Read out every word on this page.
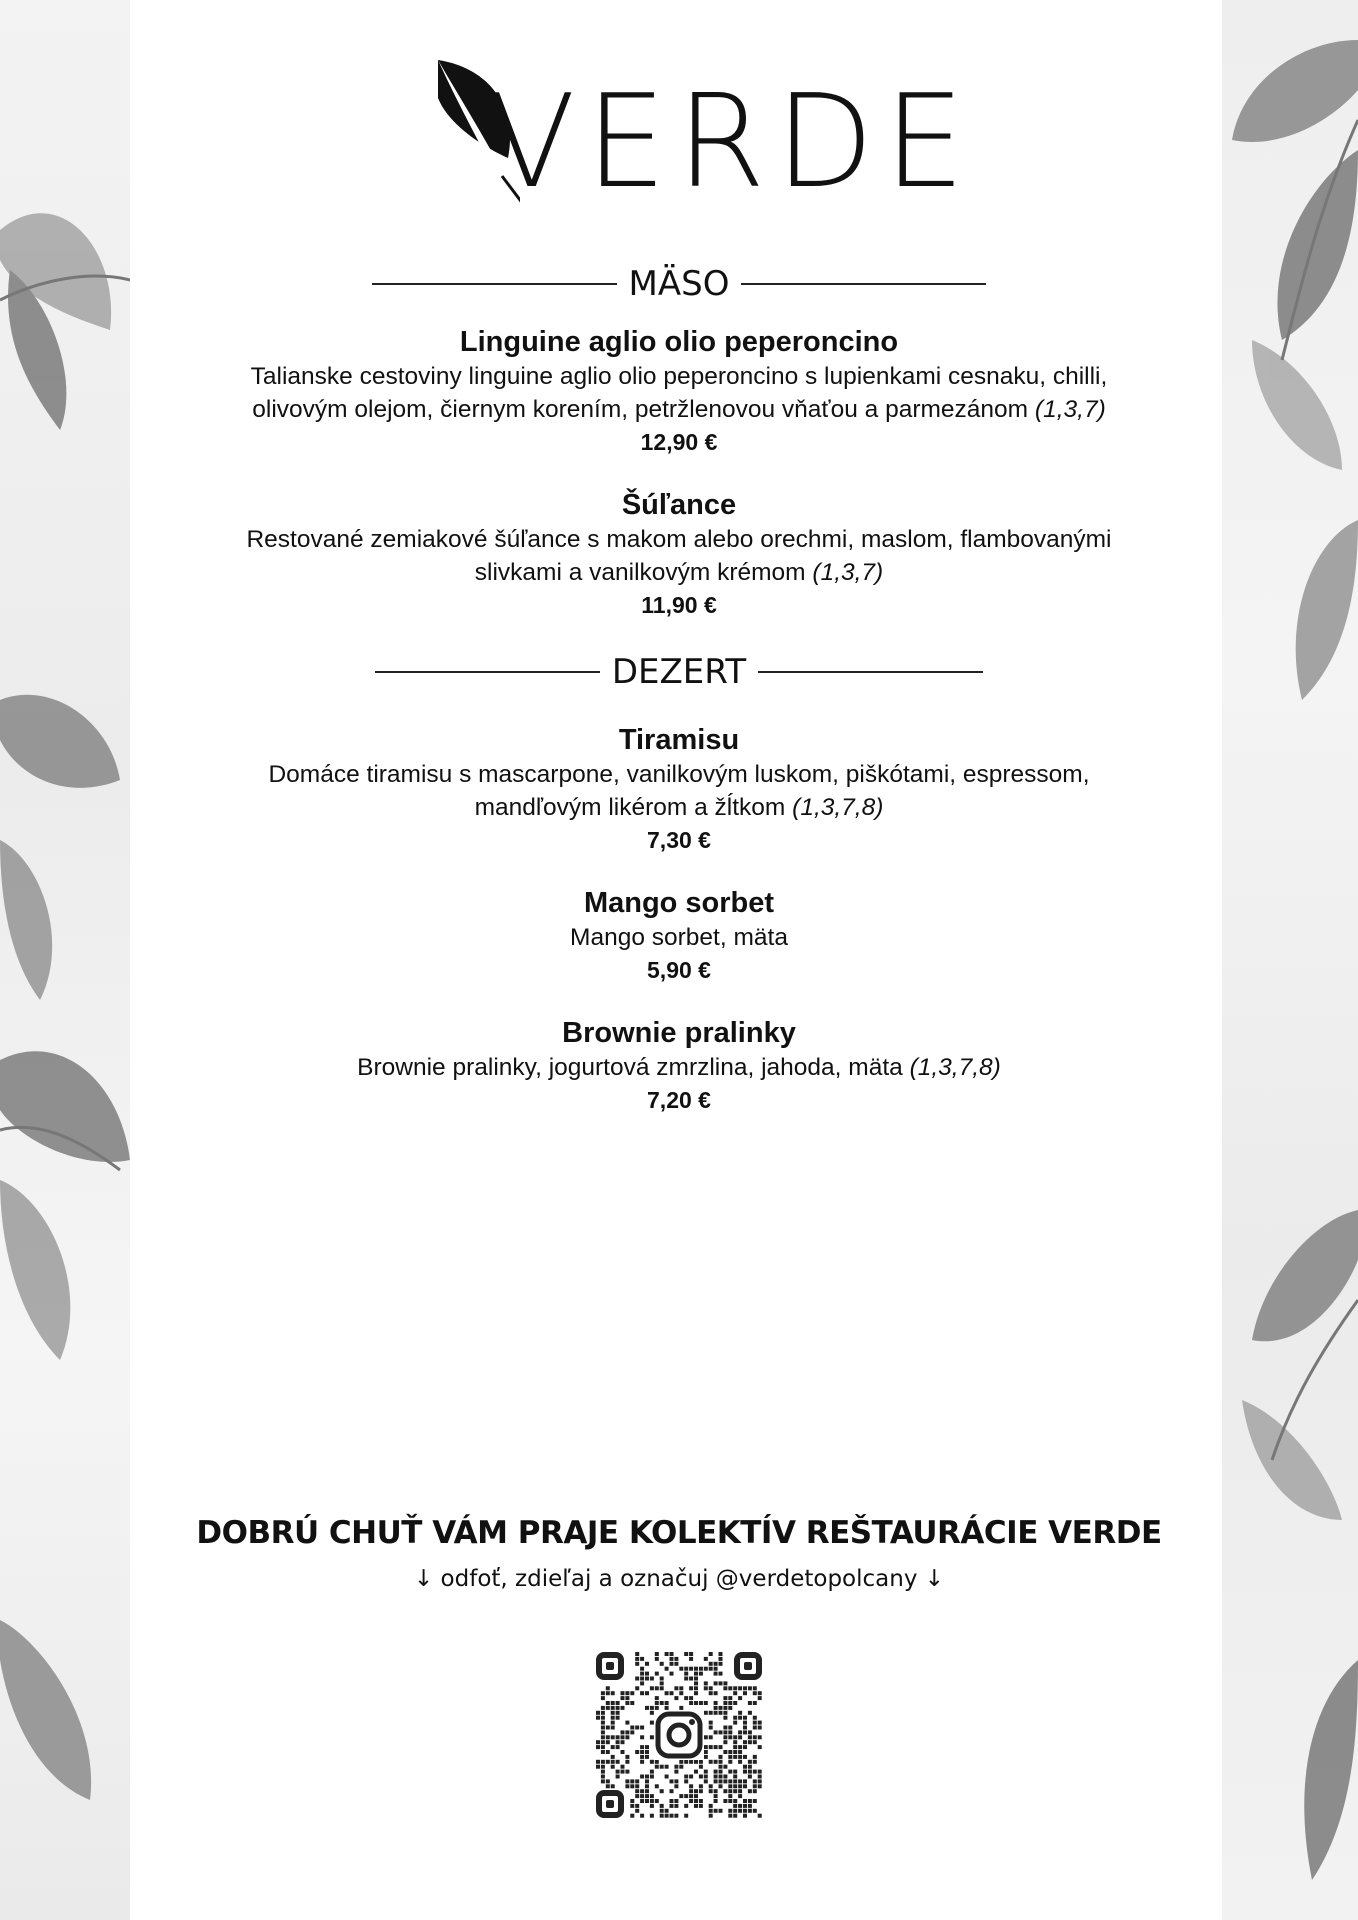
VERDE
MÄSO
Linguine aglio olio peperoncino
Talianske cestoviny linguine aglio olio peperoncino s lupienkami cesnaku, chilli, olivovým olejom, čiernym korením, petržlenovou vňaťou a parmezánom (1,3,7)
12,90 €
Šúľance
Restované zemiakové šúľance s makom alebo orechmi, maslom, flambovanými slivkami a vanilkovým krémom (1,3,7)
11,90 €
DEZERT
Tiramisu
Domáce tiramisu s mascarpone, vanilkovým luskom, piškótami, espressom, mandľovým likérom a žĺtkom (1,3,7,8)
7,30 €
Mango sorbet
Mango sorbet, mäta
5,90 €
Brownie pralinky
Brownie pralinky, jogurtová zmrzlina, jahoda, mäta (1,3,7,8)
7,20 €
DOBRÚ CHUŤ VÁM PRAJE KOLEKTÍV REŠTAURÁCIE VERDE
↓ odfoť, zdieľaj a označuj @verdetopolcany ↓
